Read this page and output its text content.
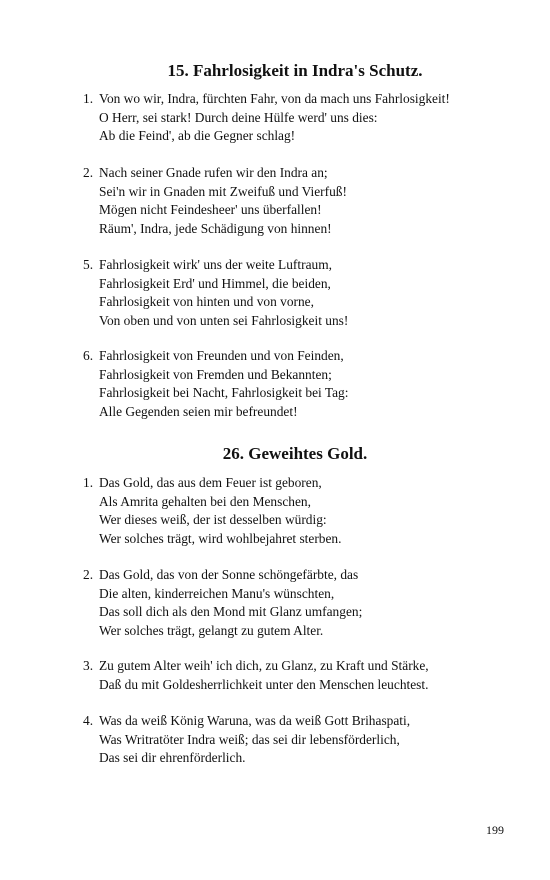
15. Fahrlosigkeit in Indra's Schutz.
1. Von wo wir, Indra, fürchten Fahr, von da mach uns Fahrlosigkeit!
O Herr, sei stark! Durch deine Hülfe werd' uns dies:
Ab die Feind', ab die Gegner schlag!
2. Nach seiner Gnade rufen wir den Indra an;
Sei'n wir in Gnaden mit Zweifuß und Vierfuß!
Mögen nicht Feindesheer' uns überfallen!
Räum', Indra, jede Schädigung von hinnen!
5. Fahrlosigkeit wirk' uns der weite Luftraum,
Fahrlosigkeit Erd' und Himmel, die beiden,
Fahrlosigkeit von hinten und von vorne,
Von oben und von unten sei Fahrlosigkeit uns!
6. Fahrlosigkeit von Freunden und von Feinden,
Fahrlosigkeit von Fremden und Bekannten;
Fahrlosigkeit bei Nacht, Fahrlosigkeit bei Tag:
Alle Gegenden seien mir befreundet!
26. Geweihtes Gold.
1. Das Gold, das aus dem Feuer ist geboren,
Als Amrita gehalten bei den Menschen,
Wer dieses weiß, der ist desselben würdig:
Wer solches trägt, wird wohlbejahret sterben.
2. Das Gold, das von der Sonne schöngefärbte, das
Die alten, kinderreichen Manu's wünschten,
Das soll dich als den Mond mit Glanz umfangen;
Wer solches trägt, gelangt zu gutem Alter.
3. Zu gutem Alter weih' ich dich, zu Glanz, zu Kraft und Stärke,
Daß du mit Goldesherrlichkeit unter den Menschen leuchtest.
4. Was da weiß König Waruna, was da weiß Gott Brihaspati,
Was Writratöter Indra weiß; das sei dir lebensförderlich,
Das sei dir ehrenförderlich.
199
